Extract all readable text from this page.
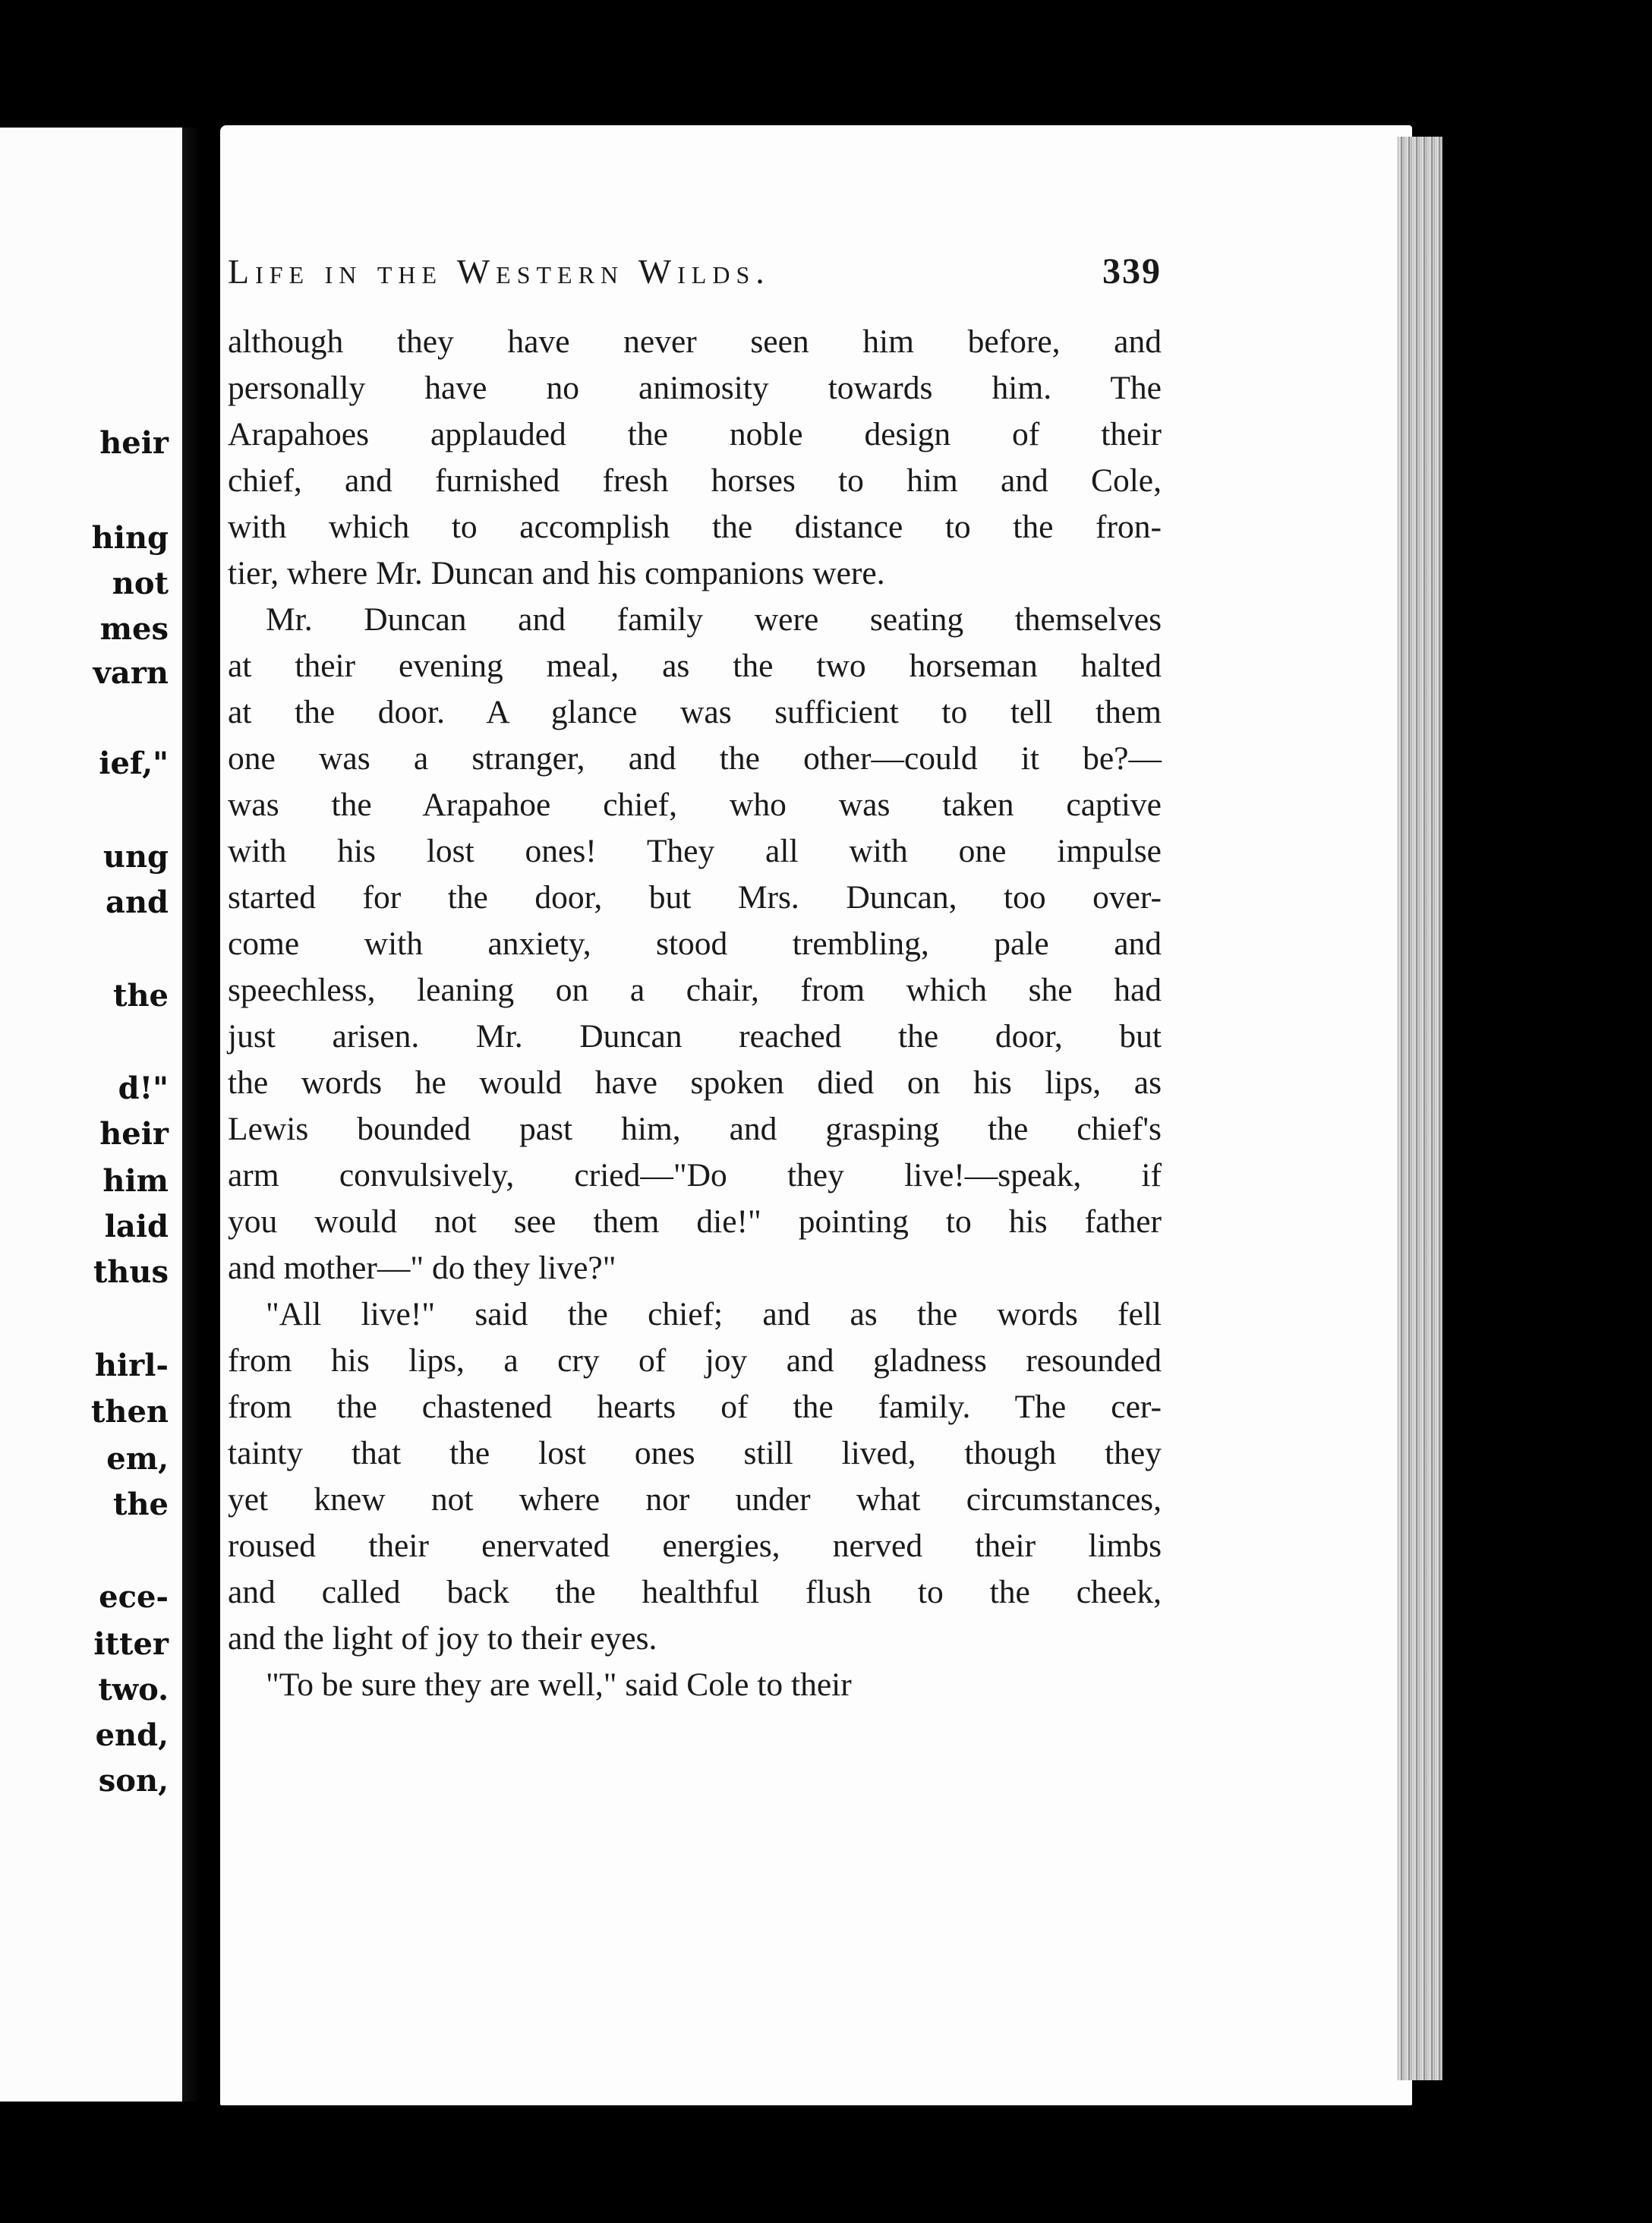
heir
hing
not
mes
varn
ief,"
ung
and
the
d!"
heir
him
laid
thus
hirl-
then
em,
the
ece-
itter
two.
end,
son,
Life in the Western Wilds.	339
although they have never seen him before, and
personally have no animosity towards him. The
Arapahoes applauded the noble design of their
chief, and furnished fresh horses to him and Cole,
with which to accomplish the distance to the fron-
tier, where Mr. Duncan and his companions were.
Mr. Duncan and family were seating themselves
at their evening meal, as the two horseman halted
at the door. A glance was sufficient to tell them
one was a stranger, and the other—could it be?—
was the Arapahoe chief, who was taken captive
with his lost ones! They all with one impulse
started for the door, but Mrs. Duncan, too over-
come with anxiety, stood trembling, pale and
speechless, leaning on a chair, from which she had
just arisen. Mr. Duncan reached the door, but
the words he would have spoken died on his lips, as
Lewis bounded past him, and grasping the chief's
arm convulsively, cried—"Do they live!—speak, if
you would not see them die!" pointing to his father
and mother—" do they live?"
"All live!" said the chief; and as the words fell
from his lips, a cry of joy and gladness resounded
from the chastened hearts of the family. The cer-
tainty that the lost ones still lived, though they
yet knew not where nor under what circumstances,
roused their enervated energies, nerved their limbs
and called back the healthful flush to the cheek,
and the light of joy to their eyes.
"To be sure they are well," said Cole to their
